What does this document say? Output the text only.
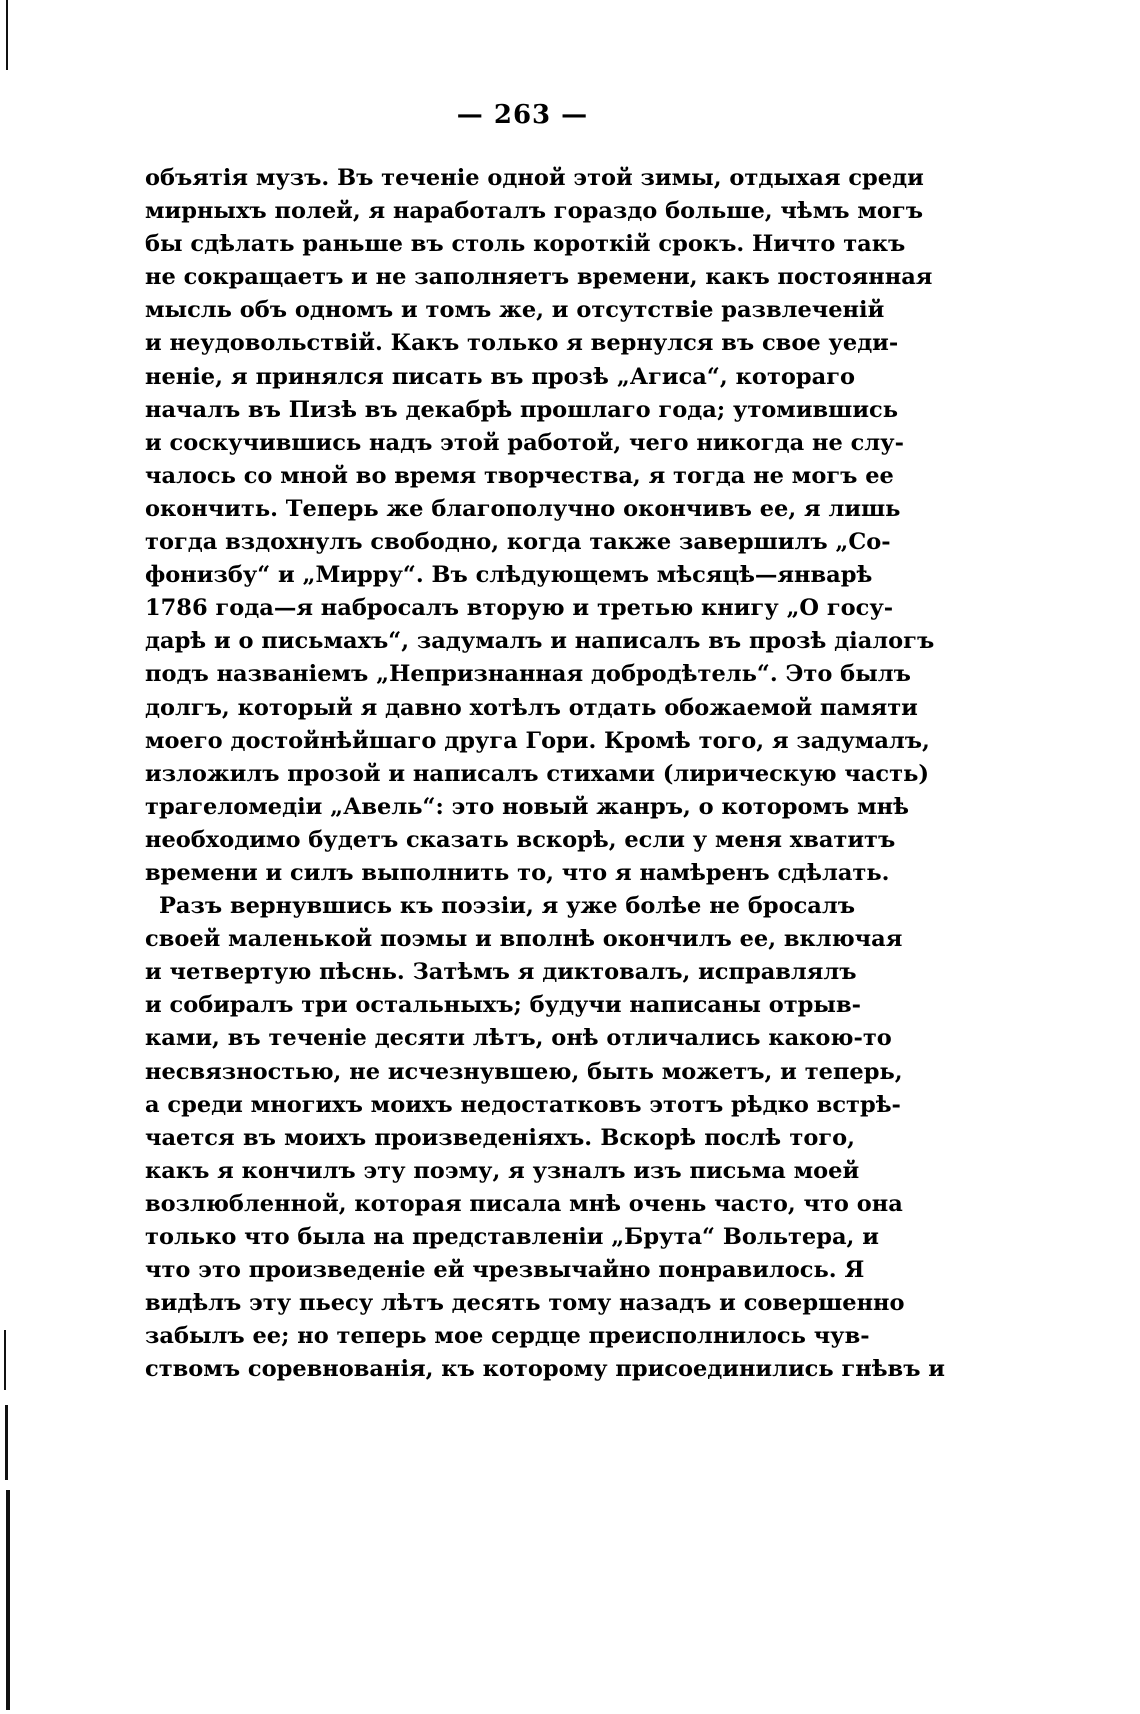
— 263 —
объятія музъ. Въ теченіе одной этой зимы, отдыхая среди
мирныхъ полей, я наработалъ гораздо больше, чѣмъ могъ
бы сдѣлать раньше въ столь короткій срокъ. Ничто такъ
не сокращаетъ и не заполняетъ времени, какъ постоянная
мысль объ одномъ и томъ же, и отсутствіе развлеченій
и неудовольствій. Какъ только я вернулся въ свое уеди-
неніе, я принялся писать въ прозѣ „Агиса“, котораго
началъ въ Пизѣ въ декабрѣ прошлаго года; утомившись
и соскучившись надъ этой работой, чего никогда не слу-
чалось со мной во время творчества, я тогда не могъ ее
окончить. Теперь же благополучно окончивъ ее, я лишь
тогда вздохнулъ свободно, когда также завершилъ „Со-
фонизбу“ и „Мирру“. Въ слѣдующемъ мѣсяцѣ—январѣ
1786 года—я набросалъ вторую и третью книгу „О госу-
дарѣ и о письмахъ“, задумалъ и написалъ въ прозѣ діалогъ
подъ названіемъ „Непризнанная добродѣтель“. Это былъ
долгъ, который я давно хотѣлъ отдать обожаемой памяти
моего достойнѣйшаго друга Гори. Кромѣ того, я задумалъ,
изложилъ прозой и написалъ стихами (лирическую часть)
трагеломедіи „Авель“: это новый жанръ, о которомъ мнѣ
необходимо будетъ сказать вскорѣ, если у меня хватитъ
времени и силъ выполнить то, что я намѣренъ сдѣлать.
Разъ вернувшись къ поэзіи, я уже болѣе не бросалъ
своей маленькой поэмы и вполнѣ окончилъ ее, включая
и четвертую пѣснь. Затѣмъ я диктовалъ, исправлялъ
и собиралъ три остальныхъ; будучи написаны отрыв-
ками, въ теченіе десяти лѣтъ, онѣ отличались какою-то
несвязностью, не исчезнувшею, быть можетъ, и теперь,
а среди многихъ моихъ недостатковъ этотъ рѣдко встрѣ-
чается въ моихъ произведеніяхъ. Вскорѣ послѣ того,
какъ я кончилъ эту поэму, я узналъ изъ письма моей
возлюбленной, которая писала мнѣ очень часто, что она
только что была на представленіи „Брута“ Вольтера, и
что это произведеніе ей чрезвычайно понравилось. Я
видѣлъ эту пьесу лѣтъ десять тому назадъ и совершенно
забылъ ее; но теперь мое сердце преисполнилось чув-
ствомъ соревнованія, къ которому присоединились гнѣвъ и
